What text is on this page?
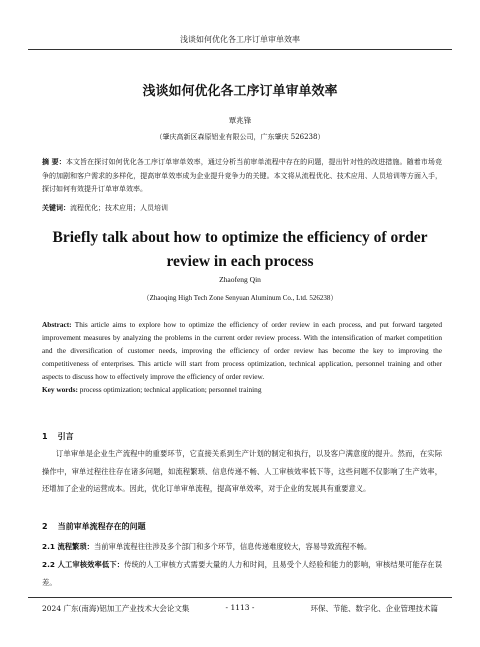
浅谈如何优化各工序订单审单效率
浅谈如何优化各工序订单审单效率
覃兆锋
（肇庆高新区森原铝业有限公司，广东肇庆 526238）
摘 要：本文旨在探讨如何优化各工序订单审单效率，通过分析当前审单流程中存在的问题，提出针对性的改进措施。随着市场竞争的加剧和客户需求的多样化，提高审单效率成为企业提升竞争力的关键。本文将从流程优化、技术应用、人员培训等方面入手，探讨如何有效提升订单审单效率。
关键词：流程优化；技术应用；人员培训
Briefly talk about how to optimize the efficiency of order review in each process
Zhaofeng Qin
（Zhaoqing High Tech Zone Senyuan Aluminum Co., Ltd. 526238）
Abstract: This article aims to explore how to optimize the efficiency of order review in each process, and put forward targeted improvement measures by analyzing the problems in the current order review process. With the intensification of market competition and the diversification of customer needs, improving the efficiency of order review has become the key to improving the competitiveness of enterprises. This article will start from process optimization, technical application, personnel training and other aspects to discuss how to effectively improve the efficiency of order review.
Key words: process optimization; technical application; personnel training
1 引言
订单审单是企业生产流程中的重要环节，它直接关系到生产计划的制定和执行，以及客户满意度的提升。然而，在实际操作中，审单过程往往存在诸多问题，如流程繁琐、信息传递不畅、人工审核效率低下等，这些问题不仅影响了生产效率，还增加了企业的运营成本。因此，优化订单审单流程，提高审单效率，对于企业的发展具有重要意义。
2 当前审单流程存在的问题
2.1 流程繁琐：当前审单流程往往涉及多个部门和多个环节，信息传递难度较大，容易导致流程不畅。
2.2 人工审核效率低下：传统的人工审核方式需要大量的人力和时间，且易受个人经验和能力的影响，审核结果可能存在误差。
2024 广东(南海)铝加工产业技术大会论文集	- 1113 -	环保、节能、数字化、企业管理技术篇
